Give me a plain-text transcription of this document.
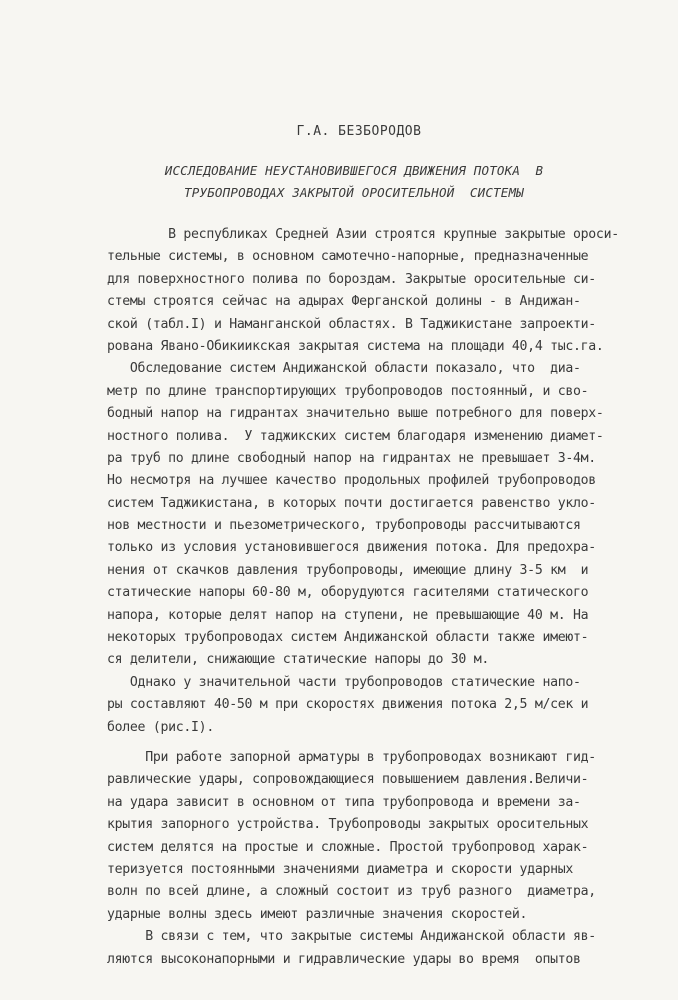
Г.А. БЕЗБОРОДОВ
ИССЛЕДОВАНИЕ НЕУСТАНОВИВШЕГОСЯ ДВИЖЕНИЯ ПОТОКА  В
ТРУБОПРОВОДАХ ЗАКРЫТОЙ ОРОСИТЕЛЬНОЙ  СИСТЕМЫ
В республиках Средней Азии строятся крупные закрытые ороси-
тельные системы, в основном самотечно-напорные, предназначенные
для поверхностного полива по бороздам. Закрытые оросительные си-
стемы строятся сейчас на адырах Ферганской долины - в Андижан-
ской (табл.I) и Наманганской областях. В Таджикистане запроекти-
рована Явано-Обикиикская закрытая система на площади 40,4 тыс.га.
Обследование систем Андижанской области показало, что  диа-
метр по длине транспортирующих трубопроводов постоянный, и сво-
бодный напор на гидрантах значительно выше потребного для поверх-
ностного полива.  У таджикских систем благодаря изменению диамет-
ра труб по длине свободный напор на гидрантах не превышает 3-4м.
Но несмотря на лучшее качество продольных профилей трубопроводов
систем Таджикистана, в которых почти достигается равенство укло-
нов местности и пьезометрического, трубопроводы рассчитываются
только из условия установившегося движения потока. Для предохра-
нения от скачков давления трубопроводы, имеющие длину 3-5 км  и
статические напоры 60-80 м, оборудуются гасителями статического
напора, которые делят напор на ступени, не превышающие 40 м. На
некоторых трубопроводах систем Андижанской области также имеют-
ся делители, снижающие статические напоры до 30 м.
Однако у значительной части трубопроводов статические напо-
ры составляют 40-50 м при скоростях движения потока 2,5 м/сек и
более (рис.I).
При работе запорной арматуры в трубопроводах возникают гид-
равлические удары, сопровождающиеся повышением давления.Величи-
на удара зависит в основном от типа трубопровода и времени за-
крытия запорного устройства. Трубопроводы закрытых оросительных
систем делятся на простые и сложные. Простой трубопровод харак-
теризуется постоянными значениями диаметра и скорости ударных
волн по всей длине, а сложный состоит из труб разного  диаметра,
ударные волны здесь имеют различные значения скоростей.
В связи с тем, что закрытые системы Андижанской области яв-
ляются высоконапорными и гидравлические удары во время  опытов
